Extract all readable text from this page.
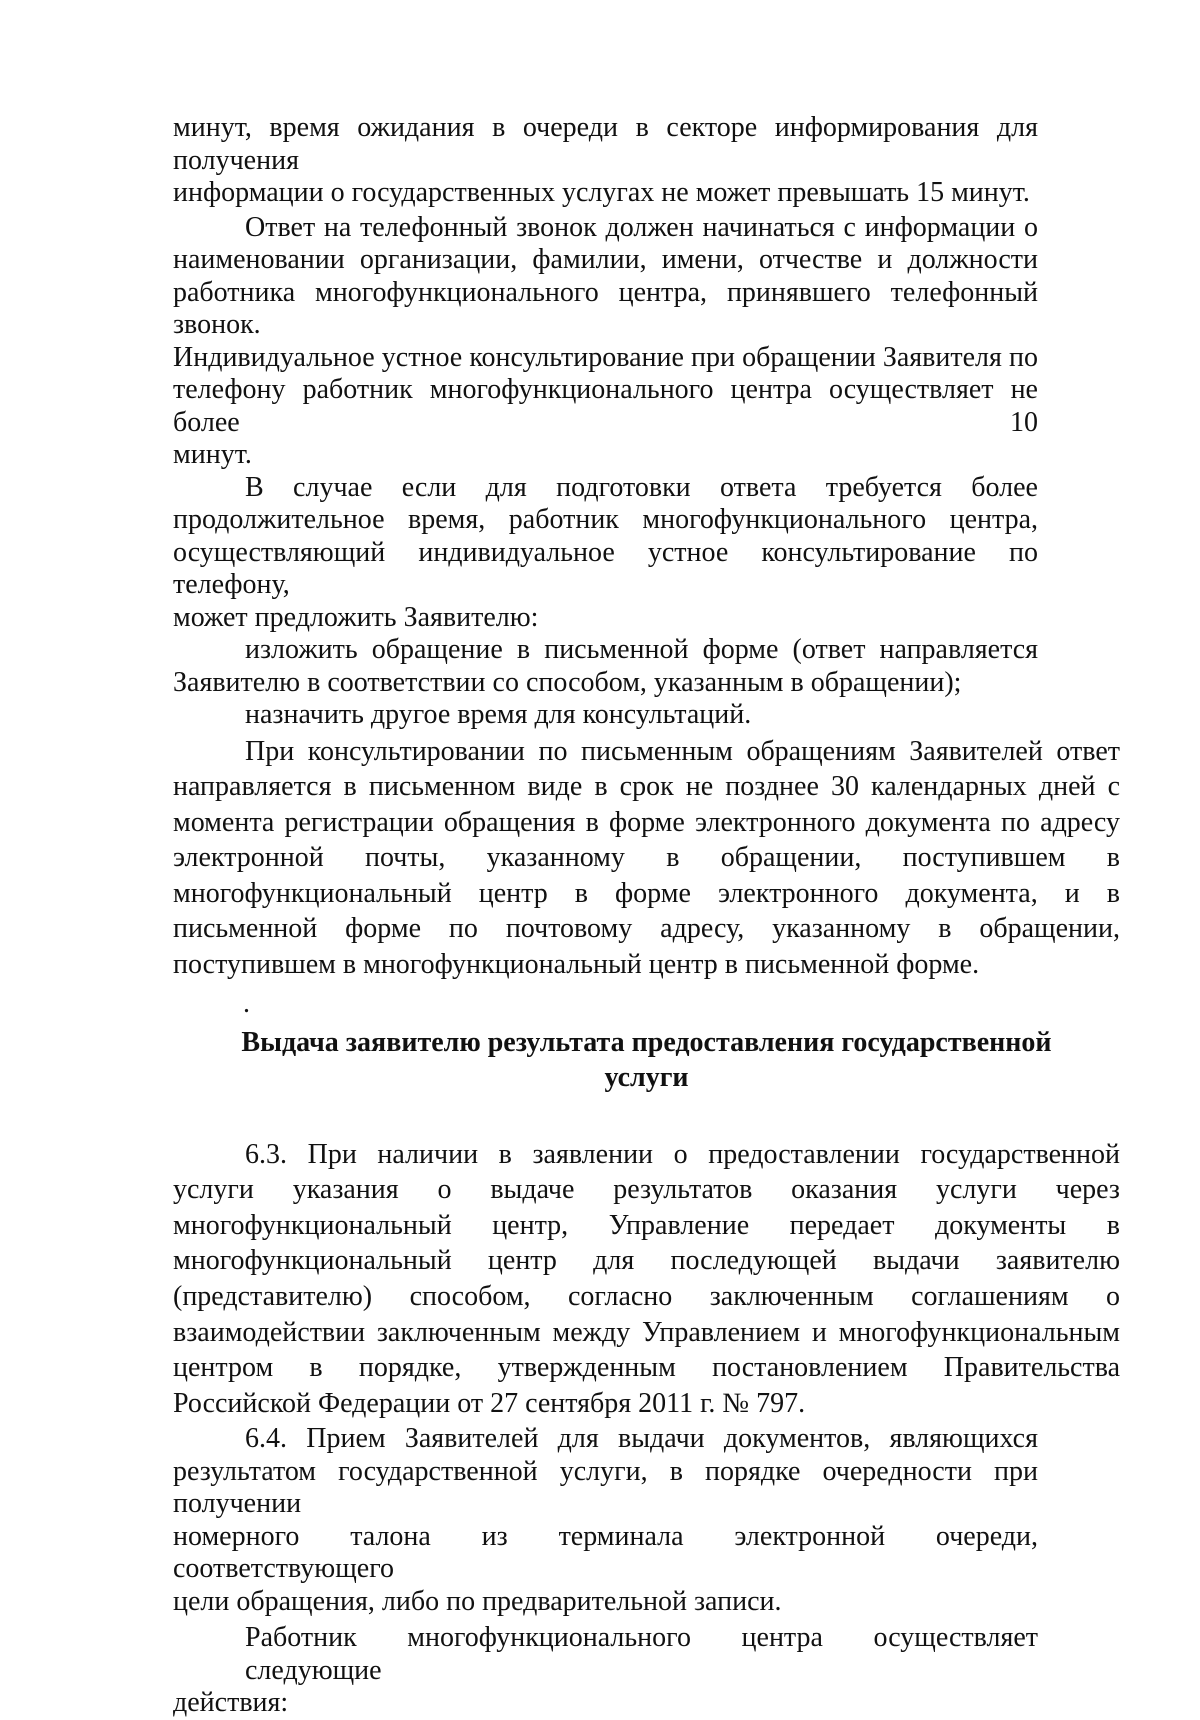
минут, время ожидания в очереди в секторе информирования для получения
информации о государственных услугах не может превышать 15 минут.
Ответ на телефонный звонок должен начинаться с информации о
наименовании организации, фамилии, имени, отчестве и должности
работника многофункционального центра, принявшего телефонный звонок.
Индивидуальное устное консультирование при обращении Заявителя по
телефону работник многофункционального центра осуществляет не более 10
минут.
В случае если для подготовки ответа требуется более
продолжительное время, работник многофункционального центра,
осуществляющий индивидуальное устное консультирование по телефону,
может предложить Заявителю:
изложить обращение в письменной форме (ответ направляется
Заявителю в соответствии со способом, указанным в обращении);
назначить другое время для консультаций.
При консультировании по письменным обращениям Заявителей ответ
направляется в письменном виде в срок не позднее 30 календарных дней с
момента регистрации обращения в форме электронного документа по адресу
электронной почты, указанному в обращении, поступившем в
многофункциональный центр в форме электронного документа, и в
письменной форме по почтовому адресу, указанному в обращении,
поступившем в многофункциональный центр в письменной форме.
.
Выдача заявителю результата предоставления государственной
услуги
6.3. При наличии в заявлении о предоставлении государственной
услуги указания о выдаче результатов оказания услуги через
многофункциональный центр, Управление передает документы в
многофункциональный центр для последующей выдачи заявителю
(представителю) способом, согласно заключенным соглашениям о
взаимодействии заключенным между Управлением и многофункциональным
центром в порядке, утвержденным постановлением Правительства
Российской Федерации от 27 сентября 2011 г. № 797.
6.4. Прием Заявителей для выдачи документов, являющихся
результатом государственной услуги, в порядке очередности при получении
номерного талона из терминала электронной очереди, соответствующего
цели обращения, либо по предварительной записи.
Работник многофункционального центра осуществляет следующие
действия:
